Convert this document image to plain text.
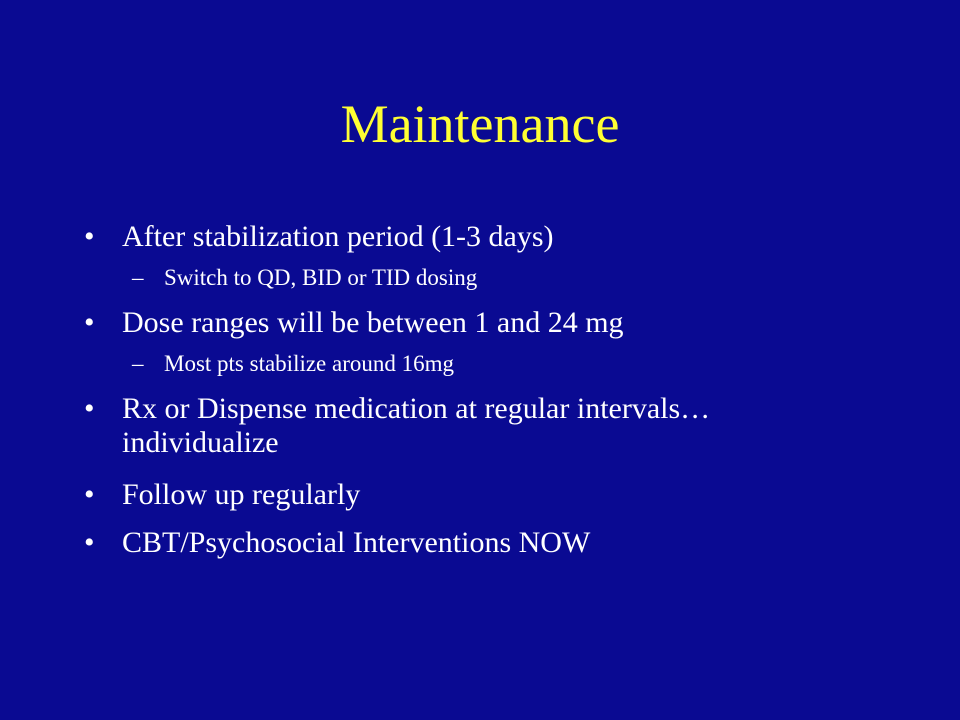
Maintenance
• After stabilization period (1-3 days)
– Switch to QD, BID or TID dosing
• Dose ranges will be between 1 and 24 mg
– Most pts stabilize around 16mg
• Rx or Dispense medication at regular intervals…individualize
• Follow up regularly
• CBT/Psychosocial Interventions NOW
